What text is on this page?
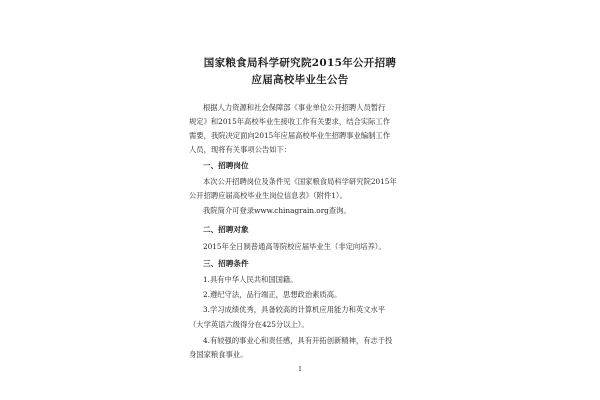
国家粮食局科学研究院2015年公开招聘
应届高校毕业生公告

根据人力资源和社会保障部《事业单位公开招聘人员暂行

规定》和2015年高校毕业生接收工作有关要求，结合实际工作

需要，我院决定面向2015年应届高校毕业生招聘事业编制工作

人员，现将有关事项公告如下：

一、招聘岗位

本次公开招聘岗位及条件见《国家粮食局科学研究院2015年

公开招聘应届高校毕业生岗位信息表》（附件1）。

我院简介可登录www.chinagrain.org查询。

二、招聘对象

2015年全日制普通高等院校应届毕业生（非定向培养）。

三、招聘条件

1.具有中华人民共和国国籍。

2.遵纪守法，品行端正，思想政治素质高。

3.学习成绩优秀，具备较高的计算机应用能力和英文水平

（大学英语六级得分在425分以上）。

4.有较强的事业心和责任感，具有开拓创新精神，有志于投

身国家粮食事业。

1
